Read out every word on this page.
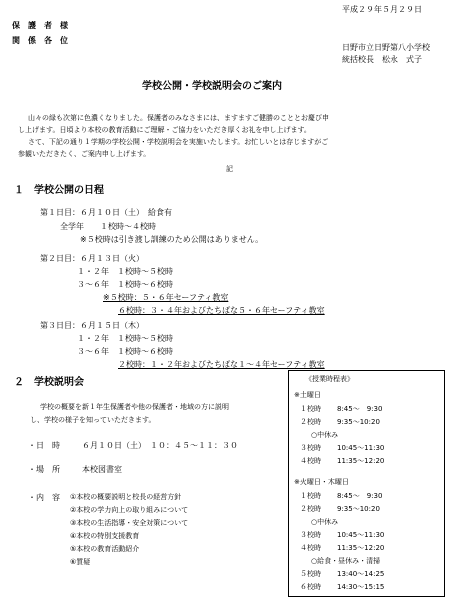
平成２９年５月２９日
保　護　者　様
関　係　各　位
日野市立日野第八小学校
統括校長　松永　式子
学校公開・学校説明会のご案内
山々の緑も次第に色濃くなりました。保護者のみなさまには、ますますご健勝のこととお慶び申
し上げます。日頃より本校の教育活動にご理解・ご協力をいただき厚くお礼を申し上げます。
さて、下記の通り１学期の学校公開・学校説明会を実施いたします。お忙しいとは存じますがご
参観いただきたく、ご案内申し上げます。
記
１　学校公開の日程
第１日目：６月１０日（土）　給食有
全学年　　１校時～４校時
※５校時は引き渡し訓練のため公開はありません。
第２日目：６月１３日（火）
１・２年　１校時～５校時
３～６年　１校時～６校時
※５校時：５・６年セーフティ教室
６校時：３・４年およびたちばな５・６年セーフティ教室
第３日目：６月１５日（木）
１・２年　１校時～５校時
３～６年　１校時～６校時
２校時：１・２年およびたちばな１～４年セーフティ教室
２　学校説明会
学校の概要を新１年生保護者や他の保護者・地域の方に説明
し、学校の様子を知っていただきます。
・日　時	６月１０日（土）　１０：４５～１１：３０
・場　所	本校図書室
・内　容 ①本校の概要説明と校長の経営方針
②本校の学力向上の取り組みについて
③本校の生活指導・安全対策について
④本校の特別支援教育
⑤本校の教育活動紹介
⑥質疑
《授業時程表》
※土曜日
１校時 8:45～　9:30
２校時 9:35～10:20
○中休み
３校時 10:45～11:30
４校時 11:35～12:20
※火曜日・木曜日
１校時 8:45～　9:30
２校時 9:35～10:20
○中休み
３校時 10:45～11:30
４校時 11:35～12:20
○給食・昼休み・清掃
５校時 13:40～14:25
６校時 14:30～15:15
